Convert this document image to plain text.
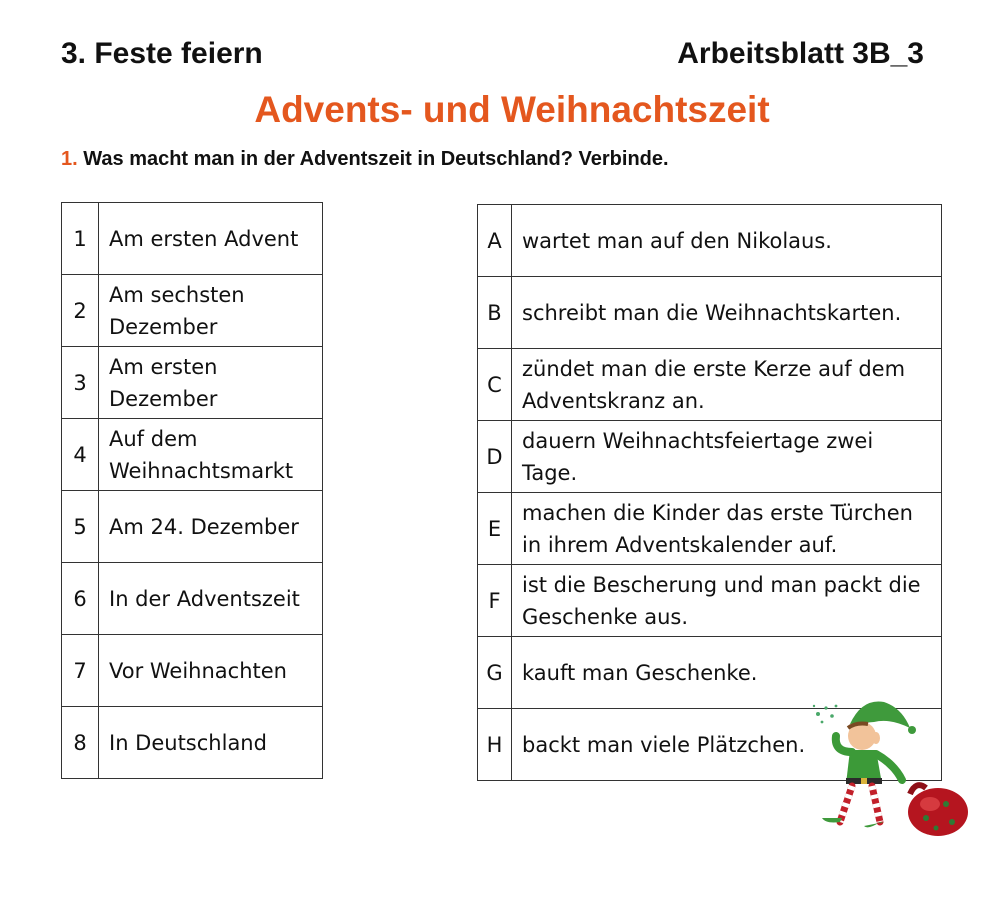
3. Feste feiern	Arbeitsblatt 3B_3
Advents- und Weihnachtszeit
1. Was macht man in der Adventszeit in Deutschland? Verbinde.
1	Am ersten Advent
2	Am sechsten Dezember
3	Am ersten Dezember
4	Auf dem Weihnachtsmarkt
5	Am 24. Dezember
6	In der Adventszeit
7	Vor Weihnachten
8	In Deutschland
A	wartet man auf den Nikolaus.
B	schreibt man die Weihnachtskarten.
C	zündet man die erste Kerze auf dem Adventskranz an.
D	dauern Weihnachtsfeiertage zwei Tage.
E	machen die Kinder das erste Türchen in ihrem Adventskalender auf.
F	ist die Bescherung und man packt die Geschenke aus.
G	kauft man Geschenke.
H	backt man viele Plätzchen.
